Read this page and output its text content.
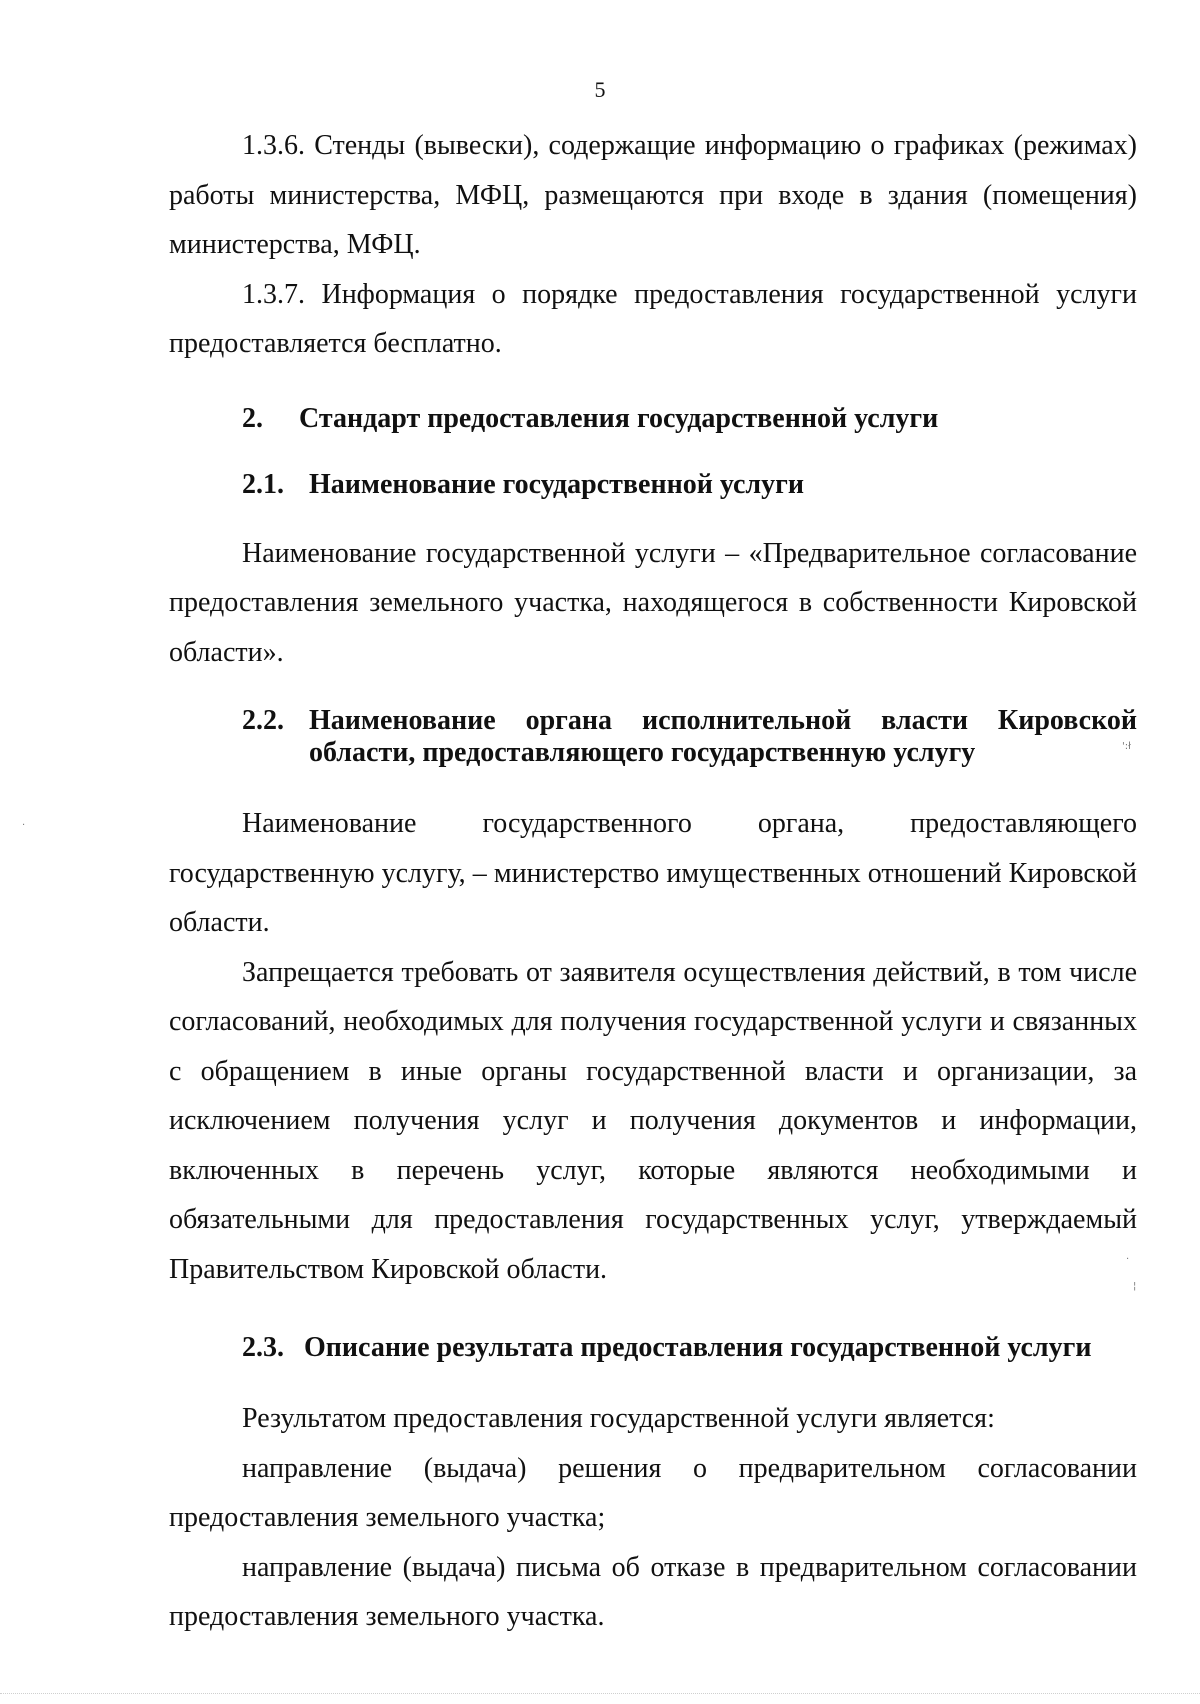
5

1.3.6. Стенды (вывески), содержащие информацию о графиках (режимах) работы министерства, МФЦ, размещаются при входе в здания (помещения) министерства, МФЦ.

1.3.7. Информация о порядке предоставления государственной услуги предоставляется бесплатно.

2.	Стандарт предоставления государственной услуги
2.1. Наименование государственной услуги

Наименование государственной услуги – «Предварительное согласование предоставления земельного участка, находящегося в собственности Кировской области».

2.2. Наименование органа исполнительной власти Кировской области, предоставляющего государственную услугу

Наименование государственного органа, предоставляющего государственную услугу, – министерство имущественных отношений Кировской области.

Запрещается требовать от заявителя осуществления действий, в том числе согласований, необходимых для получения государственной услуги и связанных с обращением в иные органы государственной власти и организации, за исключением получения услуг и получения документов и информации, включенных в перечень услуг, которые являются необходимыми и обязательными для предоставления государственных услуг, утверждаемый Правительством Кировской области.

2.3. Описание результата предоставления государственной услуги

Результатом предоставления государственной услуги является:

направление (выдача) решения о предварительном согласовании предоставления земельного участка;

направление (выдача) письма об отказе в предварительном согласовании предоставления земельного участка.

·
':ł
·
¦
